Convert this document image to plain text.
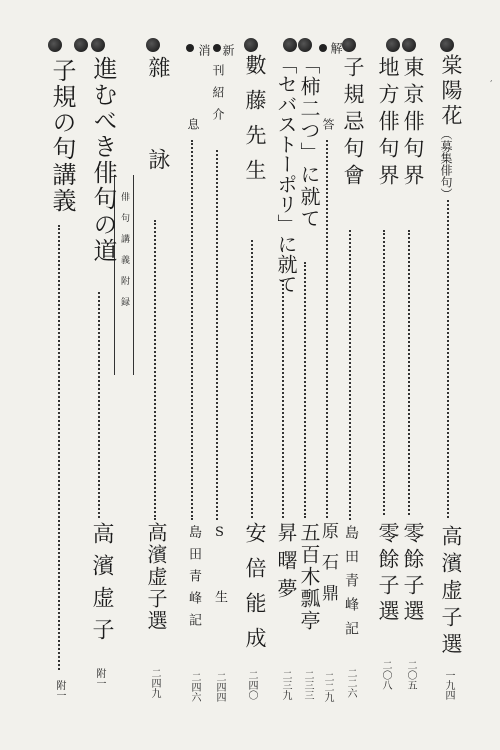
棠陽花
（募集俳句）
高濱虚子選
一九四
東京俳句界
零餘子選
二〇五
地方俳句界
零餘子選
二〇八
子規忌句會
島田青峰記
二二六
解
答
原石鼎
二二九
「柿二つ」に就て
五百木瓢亭
二三三
「セバストーポリ」に就て
昇曙夢
二三九
數藤先生
安倍能成
二四〇
新
刊紹介
S生
二四四
消
息
島田青峰記
二四六
雜詠
高濱虚子選
二四九
俳句講義附録
進むべき俳句の道
高濱虚子
附一
子規の句講義
附一
,
